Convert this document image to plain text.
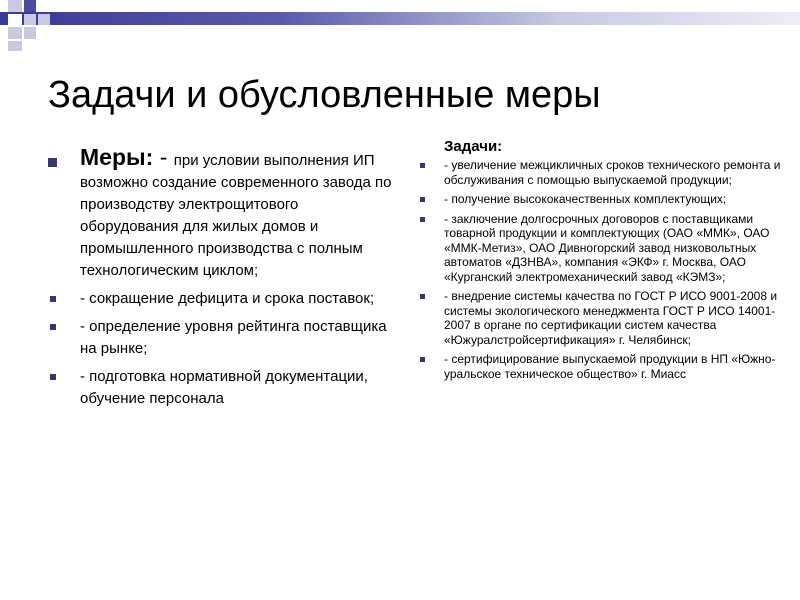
Задачи и обусловленные меры
Меры: - при условии выполнения ИП возможно создание современного завода по производству электрощитового оборудования для жилых домов и промышленного производства с полным технологическим циклом;
- сокращение дефицита и срока поставок;
- определение уровня рейтинга поставщика на рынке;
- подготовка нормативной документации, обучение персонала
Задачи:
- увеличение межцикличных сроков технического ремонта и обслуживания с помощью выпускаемой продукции;
- получение высококачественных комплектующих;
- заключение долгосрочных договоров с поставщиками товарной продукции и комплектующих (ОАО «ММК», ОАО «ММК-Метиз», ОАО Дивногорский завод низковольтных автоматов «ДЗНВА», компания «ЭКФ» г. Москва, ОАО «Курганский электромеханический завод «КЭМЗ»;
- внедрение системы качества по ГОСТ Р ИСО 9001-2008 и системы экологического менеджмента ГОСТ Р ИСО 14001-2007 в органе по сертификации систем качества «Южуралстройсертификация» г. Челябинск;
- сертифицирование выпускаемой продукции в НП «Южно-уральское техническое общество» г. Миасс
